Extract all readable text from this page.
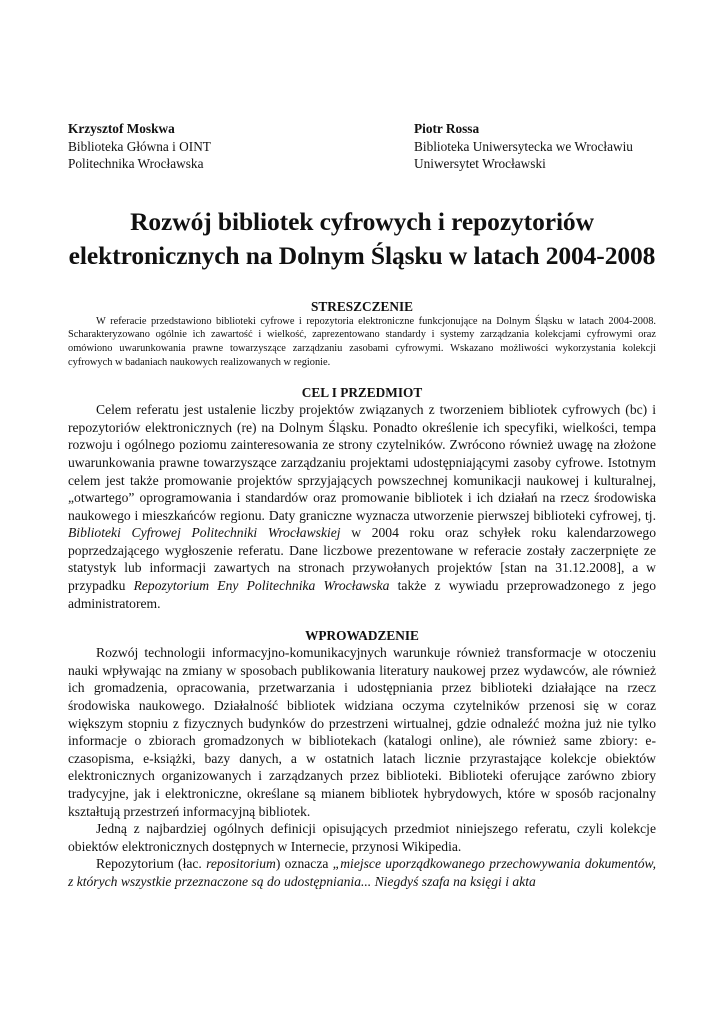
Krzysztof Moskwa
Biblioteka Główna i OINT
Politechnika Wrocławska
Piotr Rossa
Biblioteka Uniwersytecka we Wrocławiu
Uniwersytet Wrocławski
Rozwój bibliotek cyfrowych i repozytoriów elektronicznych na Dolnym Śląsku w latach 2004-2008
STRESZCZENIE

W referacie przedstawiono biblioteki cyfrowe i repozytoria elektroniczne funkcjonujące na Dolnym Śląsku w latach 2004-2008. Scharakteryzowano ogólnie ich zawartość i wielkość, zaprezentowano standardy i systemy zarządzania kolekcjami cyfrowymi oraz omówiono uwarunkowania prawne towarzyszące zarządzaniu zasobami cyfrowymi. Wskazano możliwości wykorzystania kolekcji cyfrowych w badaniach naukowych realizowanych w regionie.

CEL I PRZEDMIOT

Celem referatu jest ustalenie liczby projektów związanych z tworzeniem bibliotek cyfrowych (bc) i repozytoriów elektronicznych (re) na Dolnym Śląsku. Ponadto określenie ich specyfiki, wielkości, tempa rozwoju i ogólnego poziomu zainteresowania ze strony czytelników. Zwrócono również uwagę na złożone uwarunkowania prawne towarzyszące zarządzaniu projektami udostępniającymi zasoby cyfrowe. Istotnym celem jest także promowanie projektów sprzyjających powszechnej komunikacji naukowej i kulturalnej, „otwartego” oprogramowania i standardów oraz promowanie bibliotek i ich działań na rzecz środowiska naukowego i mieszkańców regionu. Daty graniczne wyznacza utworzenie pierwszej biblioteki cyfrowej, tj. Biblioteki Cyfrowej Politechniki Wrocławskiej w 2004 roku oraz schyłek roku kalendarzowego poprzedzającego wygłoszenie referatu. Dane liczbowe prezentowane w referacie zostały zaczerpnięte ze statystyk lub informacji zawartych na stronach przywołanych projektów [stan na 31.12.2008], a w przypadku Repozytorium Eny Politechnika Wrocławska także z wywiadu przeprowadzonego z jego administratorem.

WPROWADZENIE

Rozwój technologii informacyjno-komunikacyjnych warunkuje również transformacje w otoczeniu nauki wpływając na zmiany w sposobach publikowania literatury naukowej przez wydawców, ale również ich gromadzenia, opracowania, przetwarzania i udostępniania przez biblioteki działające na rzecz środowiska naukowego. Działalność bibliotek widziana oczyma czytelników przenosi się w coraz większym stopniu z fizycznych budynków do przestrzeni wirtualnej, gdzie odnaleźć można już nie tylko informacje o zbiorach gromadzonych w bibliotekach (katalogi online), ale również same zbiory: e-czasopisma, e-książki, bazy danych, a w ostatnich latach licznie przyrastające kolekcje obiektów elektronicznych organizowanych i zarządzanych przez biblioteki. Biblioteki oferujące zarówno zbiory tradycyjne, jak i elektroniczne, określane są mianem bibliotek hybrydowych, które w sposób racjonalny kształtują przestrzeń informacyjną bibliotek.

Jedną z najbardziej ogólnych definicji opisujących przedmiot niniejszego referatu, czyli kolekcje obiektów elektronicznych dostępnych w Internecie, przynosi Wikipedia.

Repozytorium (łac. repositorium) oznacza „miejsce uporządkowanego przechowywania dokumentów, z których wszystkie przeznaczone są do udostępniania... Niegdyś szafa na księgi i akta
